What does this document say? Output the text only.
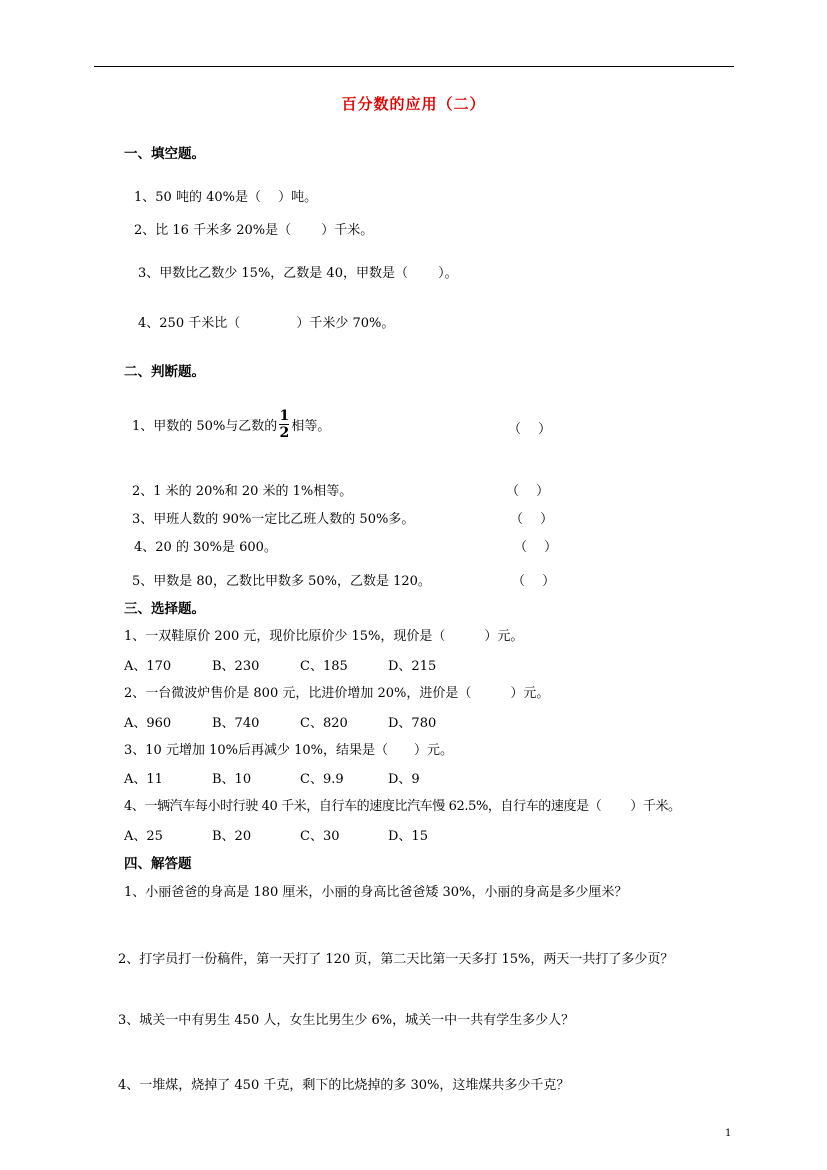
百分数的应用（二）
一、填空题。
1、50 吨的 40%是（　 ）吨。
2、比 16 千米多 20%是（　 　）千米。
3、甲数比乙数少 15%，乙数是 40，甲数是（　　 ）。
4、250 千米比（　　　　 ）千米少 70%。
二、判断题。
1、甲数的 50%与乙数的 $\frac{1}{2}$ 相等。	（　 ）
2、1 米的 20%和 20 米的 1%相等。	（　 ）
3、甲班人数的 90%一定比乙班人数的 50%多。	（　 ）
4、20 的 30%是 600。	（　 ）
5、甲数是 80，乙数比甲数多 50%，乙数是 120。	（　 ）
三、选择题。
1、一双鞋原价 200 元，现价比原价少 15%，现价是（　　　）元。
A、170	B、230	C、185	D、215
2、一台微波炉售价是 800 元，比进价增加 20%，进价是（　　　）元。
A、960	B、740	C、820	D、780
3、10 元增加 10%后再减少 10%，结果是（　　）元。
A、11	B、10	C、9.9	D、9
4、一辆汽车每小时行驶 40 千米，自行车的速度比汽车慢 62.5%，自行车的速度是（　　 ）千米。
A、25	B、20	C、30	D、15
四、解答题
1、小丽爸爸的身高是 180 厘米，小丽的身高比爸爸矮 30%，小丽的身高是多少厘米？
2、打字员打一份稿件，第一天打了 120 页，第二天比第一天多打 15%，两天一共打了多少页？
3、城关一中有男生 450 人，女生比男生少 6%，城关一中一共有学生多少人？
4、一堆煤，烧掉了 450 千克，剩下的比烧掉的多 30%，这堆煤共多少千克？
1
